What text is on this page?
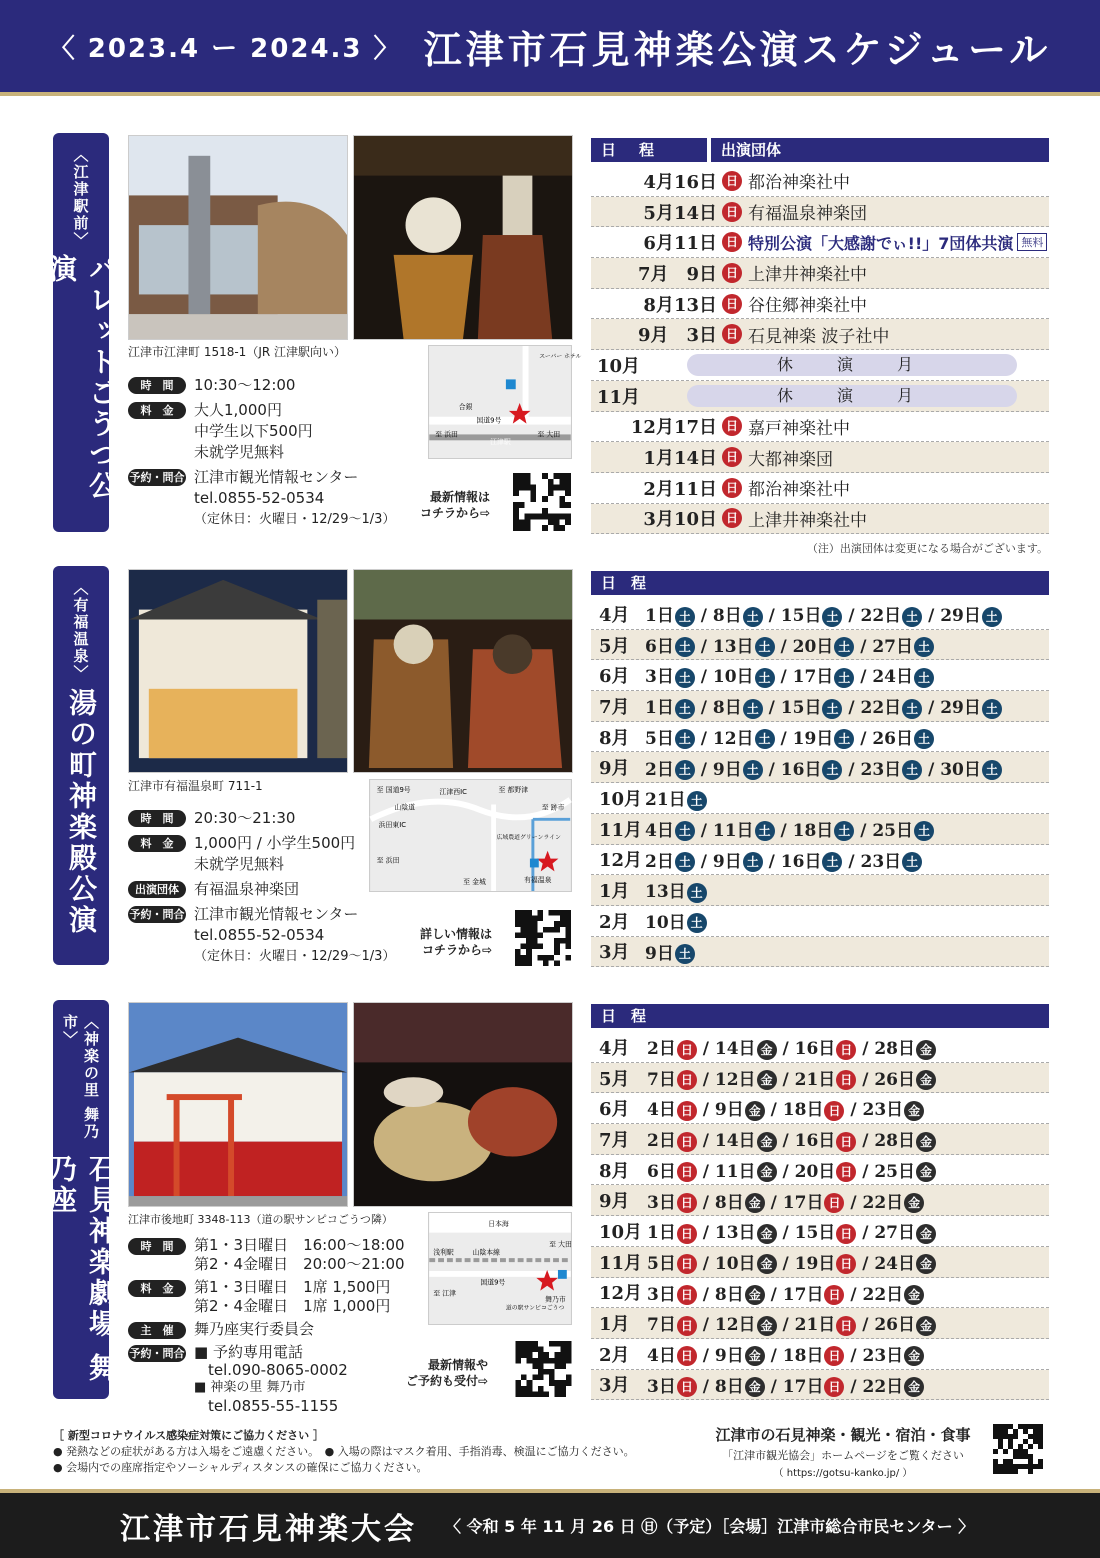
〈 2023.4 ー 2024.3 〉 江津市石見神楽公演スケジュール
〈江津駅前〉
パレットごうつ公演
江津市江津町 1518-1（JR 江津駅向い）
時　間	10:30〜12:00
料　金	大人1,000円
中学生以下500円
未就学児無料
予約・問合せ
江津市観光情報センター
tel.0855-52-0534
（定休日：火曜日・12/29〜1/3）
スーパー ホテル
合銀
国道9号
至 浜田	至 大田
江津駅
最新情報は
コチラから⇨
日　程	出演団体
4月16日 日 都治神楽社中
5月14日 日 有福温泉神楽団
6月11日 日 特別公演「大感謝でぃ!!」7団体共演 無料
7月　9日 日 上津井神楽社中
8月13日 日 谷住郷神楽社中
9月　3日 日 石見神楽 波子社中
10月	休　演　月
11月	休　演　月
12月17日 日 嘉戸神楽社中
1月14日 日 大都神楽団
2月11日 日 都治神楽社中
3月10日 日 上津井神楽社中
（注）出演団体は変更になる場合がございます。
〈有福温泉〉
湯の町神楽殿公演	江津市有福温泉町 711-1
時　間	20:30〜21:30
料　金	1,000円 / 小学生500円
未就学児無料
出演団体	有福温泉神楽団
予約・問合せ
江津市観光情報センター
tel.0855-52-0534
（定休日：火曜日・12/29〜1/3）
至 国道9号	江津西IC	至 都野津
至 跡市
山陰道
浜田東IC
至 浜田
広域農道グリーンライン
至 金城	有福温泉
詳しい情報は
コチラから⇨
日　程
4月 1日 土 / 8日 土 / 15日 土 / 22日 土 / 29日 土
5月 6日 土 / 13日 土 / 20日 土 / 27日 土
6月 3日 土 / 10日 土 / 17日 土 / 24日 土
7月 1日 土 / 8日 土 / 15日 土 / 22日 土 / 29日 土
8月 5日 土 / 12日 土 / 19日 土 / 26日 土
9月 2日 土 / 9日 土 / 16日 土 / 23日 土 / 30日 土
10月 21日 土
11月 4日 土 / 11日 土 / 18日 土 / 25日 土
12月 2日 土 / 9日 土 / 16日 土 / 23日 土
1月 13日 土
2月 10日 土
3月 9日 土
〈神楽の里 舞乃市〉
石見神楽劇場 舞乃座
江津市後地町 3348-113（道の駅サンピコごうつ隣）
時　間	第1・3日曜日　16:00〜18:00
第2・4金曜日　20:00〜21:00
料　金	第1・3日曜日　1席 1,500円
第2・4金曜日　1席 1,000円
主　催	舞乃座実行委員会
予約・問合せ
■ 予約専用電話
tel.090-8065-0002
■ 神楽の里 舞乃市
tel.0855-55-1155
日本海
浅利駅	山陰本線
国道9号
至 江津
至 大田
道の駅サンピコごうつ
舞乃市
最新情報や
ご予約も受付⇨
日　程
4月	2日 日 / 14日 金 / 16日 日 / 28日 金
5月	7日 日 / 12日 金 / 21日 日 / 26日 金
6月	4日 日 / 9日 金 / 18日 日 / 23日 金
7月	2日 日 / 14日 金 / 16日 日 / 28日 金
8月	6日 日 / 11日 金 / 20日 日 / 25日 金
9月	3日 日 / 8日 金 / 17日 日 / 22日 金
10月 1日 日 / 13日 金 / 15日 日 / 27日 金
11月 5日 日 / 10日 金 / 19日 日 / 24日 金
12月 3日 日 / 8日 金 / 17日 日 / 22日 金
1月	7日 日 / 12日 金 / 21日 日 / 26日 金
2月	4日 日 / 9日 金 / 18日 日 / 23日 金
3月	3日 日 / 8日 金 / 17日 日 / 22日 金
［ 新型コロナウイルス感染症対策にご協力ください ］
● 発熱などの症状がある方は入場をご遠慮ください。　● 入場の際はマスク着用、手指消毒、検温にご協力ください。
● 会場内での座席指定やソーシャルディスタンスの確保にご協力ください。
江津市の石見神楽・観光・宿泊・食事
「江津市観光協会」ホームページをご覧ください
（ https://gotsu-kanko.jp/ ）
江津市石見神楽大会 〈 令和 5 年 11 月 26 日 ㊐（予定）［会場］江津市総合市民センター 〉
